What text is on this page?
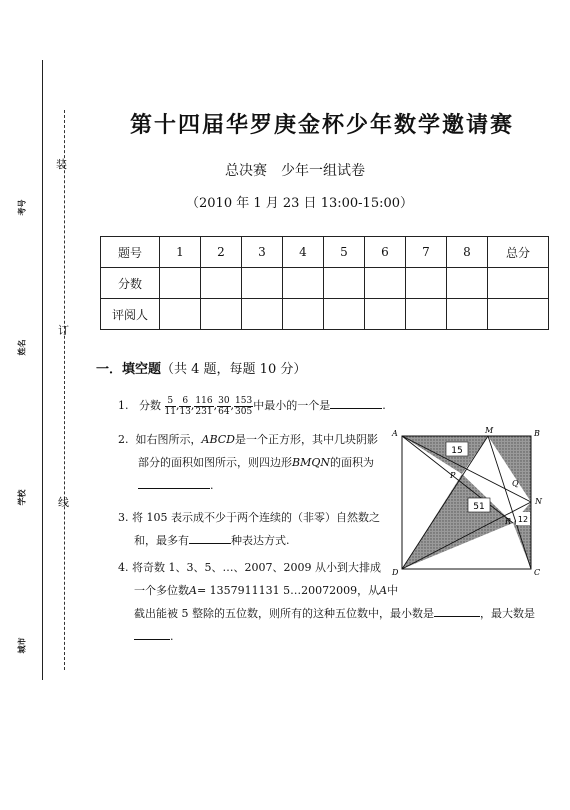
考号
姓名
学校
城市
装
订
线
第十四届华罗庚金杯少年数学邀请赛
总决赛　少年一组试卷
（2010 年 1 月 23 日 13:00-15:00）
题号	1	2	3	4	5	6	7	8	总分
分数									
评阅人									
一．填空题（共 4 题，每题 10 分）
1. 分数 $\frac{5}{11}$ , $\frac{6}{13}$ , $\frac{116}{231}$ , $\frac{30}{64}$ , $\frac{153}{305}$ 中最小的一个是	.
2. 如右图所示，ABCD是一个正方形，其中几块阴影
部分的面积如图所示，则四边形BMQN的面积为
.
3. 将 105 表示成不少于两个连续的（非零）自然数之
和，最多有	种表达方式.
4. 将奇数 1、3、5、…、2007、2009 从小到大排成
一个多位数A= 1357911131 5…20072009，从A中
截出能被 5 整除的五位数，则所有的这种五位数中，最小数是	，最大数是
.
15
51
12
A	M	B
P
Q
N
R
D	C
